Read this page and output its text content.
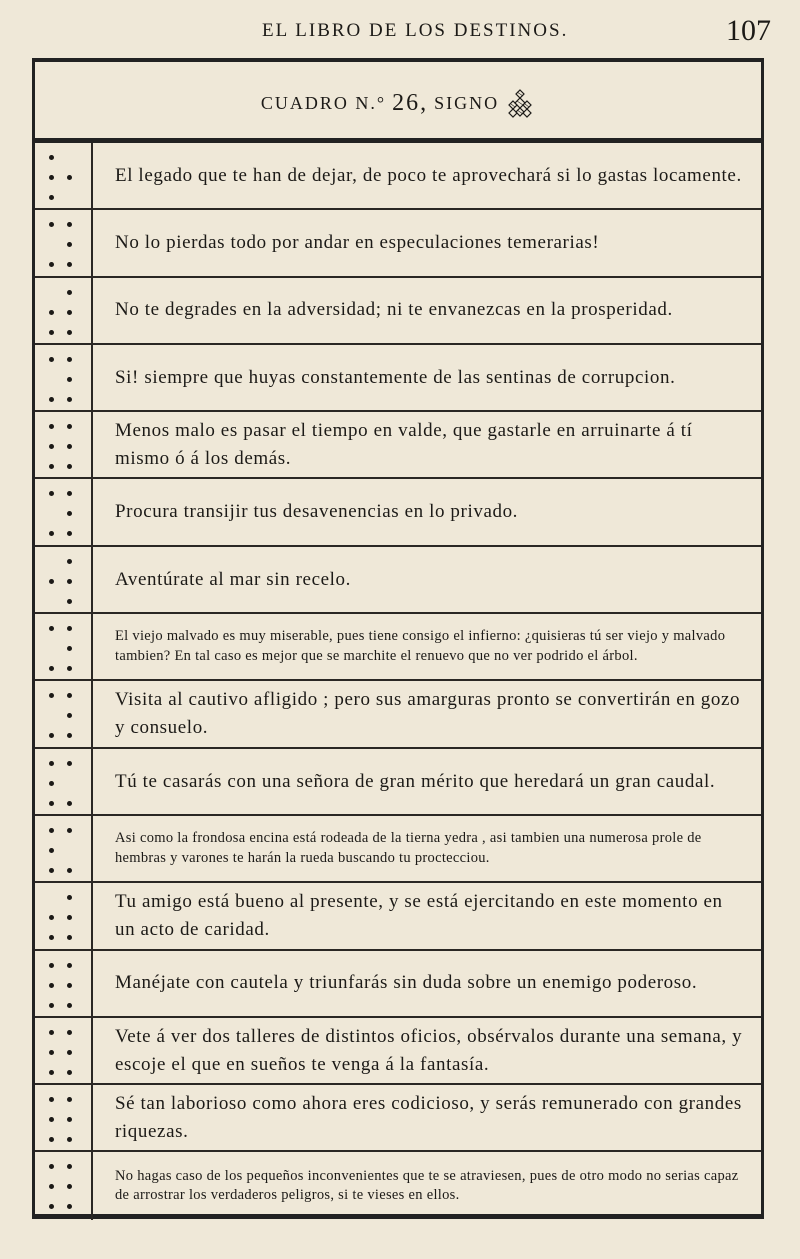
EL LIBRO DE LOS DESTINOS.	107
CUADRO N.° 26, SIGNO
El legado que te han de dejar, de poco te aprovechará si lo gastas locamente.
No lo pierdas todo por andar en especulaciones temerarias!
No te degrades en la adversidad; ni te envanezcas en la prosperidad.
Si! siempre que huyas constantemente de las sentinas de corrupcion.
Menos malo es pasar el tiempo en valde, que gastarle en arruinarte á tí mismo ó á los demás.
Procura transijir tus desavenencias en lo privado.
Aventúrate al mar sin recelo.
El viejo malvado es muy miserable, pues tiene consigo el infierno: ¿quisieras tú ser viejo y malvado tambien? En tal caso es mejor que se marchite el renuevo que no ver podrido el árbol.
Visita al cautivo afligido ; pero sus amarguras pronto se convertirán en gozo y consuelo.
Tú te casarás con una señora de gran mérito que heredará un gran caudal.
Asi como la frondosa encina está rodeada de la tierna yedra , asi tambien una numerosa prole de hembras y varones te harán la rueda buscando tu proctecciou.
Tu amigo está bueno al presente, y se está ejercitando en este momento en un acto de caridad.
Manéjate con cautela y triunfarás sin duda sobre un enemigo poderoso.
Vete á ver dos talleres de distintos oficios, obsérvalos durante una semana, y escoje el que en sueños te venga á la fantasía.
Sé tan laborioso como ahora eres codicioso, y serás remunerado con grandes riquezas.
No hagas caso de los pequeños inconvenientes que te se atraviesen, pues de otro modo no serias capaz de arrostrar los verdaderos peligros, si te vieses en ellos.
